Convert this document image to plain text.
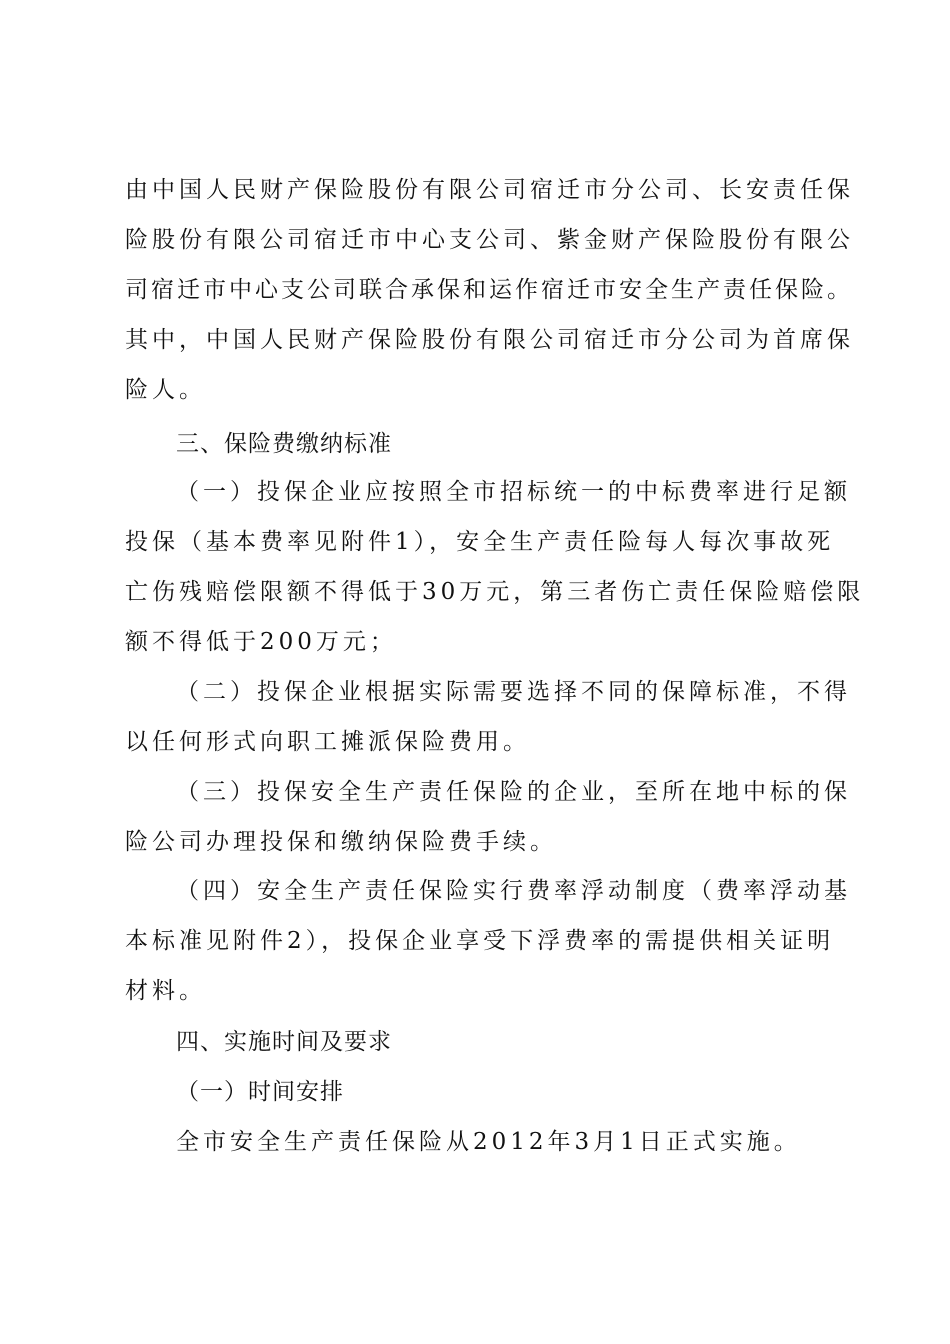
由中国人民财产保险股份有限公司宿迁市分公司、长安责任保
险股份有限公司宿迁市中心支公司、紫金财产保险股份有限公
司宿迁市中心支公司联合承保和运作宿迁市安全生产责任保险。
其中，中国人民财产保险股份有限公司宿迁市分公司为首席保
险人。
三、保险费缴纳标准
（一）投保企业应按照全市招标统一的中标费率进行足额
投保（基本费率见附件1），安全生产责任险每人每次事故死
亡伤残赔偿限额不得低于30万元，第三者伤亡责任保险赔偿限
额不得低于200万元；
（二）投保企业根据实际需要选择不同的保障标准，不得
以任何形式向职工摊派保险费用。
（三）投保安全生产责任保险的企业，至所在地中标的保
险公司办理投保和缴纳保险费手续。
（四）安全生产责任保险实行费率浮动制度（费率浮动基
本标准见附件2），投保企业享受下浮费率的需提供相关证明
材料。
四、实施时间及要求
（一）时间安排
全市安全生产责任保险从2012年3月1日正式实施。
